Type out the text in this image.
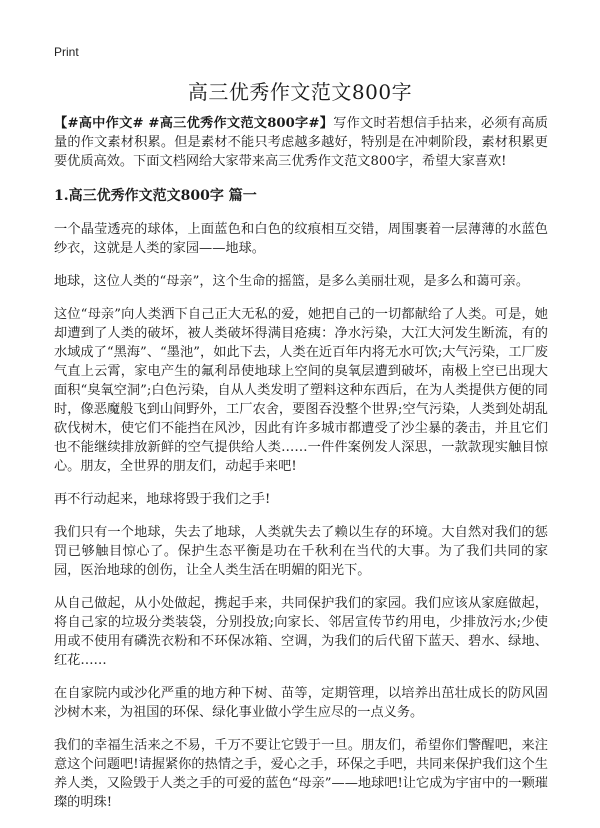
Print
高三优秀作文范文800字

【#高中作文# #高三优秀作文范文800字#】写作文时若想信手拈来，必须有高质量的作文素材积累。但是素材不能只考虑越多越好，特别是在冲刺阶段，素材积累更要优质高效。下面文档网给大家带来高三优秀作文范文800字，希望大家喜欢!

1.高三优秀作文范文800字 篇一

一个晶莹透亮的球体，上面蓝色和白色的纹痕相互交错，周围裹着一层薄薄的水蓝色纱衣，这就是人类的家园——地球。

地球，这位人类的“母亲”，这个生命的摇篮，是多么美丽壮观，是多么和蔼可亲。

这位“母亲”向人类洒下自己正大无私的爱，她把自己的一切都献给了人类。可是，她却遭到了人类的破坏，被人类破坏得满目疮痍：净水污染，大江大河发生断流，有的水域成了“黑海”、“墨池”，如此下去，人类在近百年内将无水可饮;大气污染，工厂废气直上云霄，家电产生的氟利昂使地球上空间的臭氧层遭到破坏，南极上空已出现大面积“臭氧空洞”;白色污染，自从人类发明了塑料这种东西后，在为人类提供方便的同时，像恶魔般飞到山间野外，工厂农舍，要图吞没整个世界;空气污染，人类到处胡乱砍伐树木，使它们不能挡在风沙，因此有许多城市都遭受了沙尘暴的袭击，并且它们也不能继续排放新鲜的空气提供给人类……一件件案例发人深思，一款款现实触目惊心。朋友，全世界的朋友们，动起手来吧!

再不行动起来，地球将毁于我们之手!

我们只有一个地球，失去了地球，人类就失去了赖以生存的环境。大自然对我们的惩罚已够触目惊心了。保护生态平衡是功在千秋利在当代的大事。为了我们共同的家园，医治地球的创伤，让全人类生活在明媚的阳光下。

从自己做起，从小处做起，携起手来，共同保护我们的家园。我们应该从家庭做起，将自己家的垃圾分类装袋，分别投放;向家长、邻居宣传节约用电，少排放污水;少使用或不使用有磷洗衣粉和不环保冰箱、空调，为我们的后代留下蓝天、碧水、绿地、红花……

在自家院内或沙化严重的地方种下树、苗等，定期管理，以培养出茁壮成长的防风固沙树木来，为祖国的环保、绿化事业做小学生应尽的一点义务。

我们的幸福生活来之不易，千万不要让它毁于一旦。朋友们，希望你们警醒吧，来注意这个问题吧!请握紧你的热情之手，爱心之手，环保之手吧，共同来保护我们这个生养人类，又险毁于人类之手的可爱的蓝色“母亲”——地球吧!让它成为宇宙中的一颗璀璨的明珠!
